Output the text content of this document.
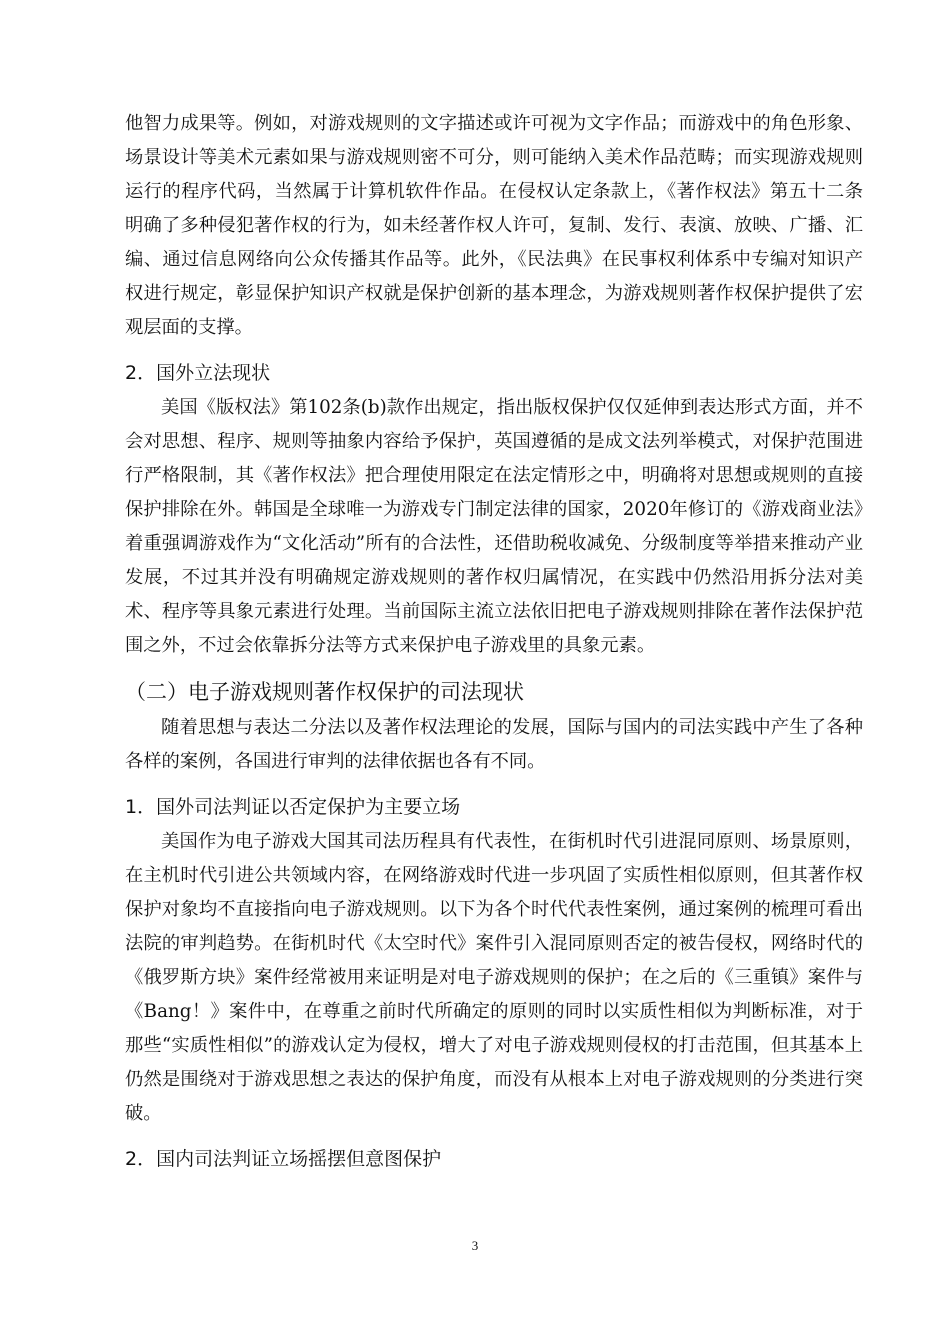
他智力成果等。例如，对游戏规则的文字描述或许可视为文字作品；而游戏中的角色形象、场景设计等美术元素如果与游戏规则密不可分，则可能纳入美术作品范畴；而实现游戏规则运行的程序代码，当然属于计算机软件作品。在侵权认定条款上，《著作权法》第五十二条明确了多种侵犯著作权的行为，如未经著作权人许可，复制、发行、表演、放映、广播、汇编、通过信息网络向公众传播其作品等。此外，《民法典》在民事权利体系中专编对知识产权进行规定，彰显保护知识产权就是保护创新的基本理念，为游戏规则著作权保护提供了宏观层面的支撑。

2．国外立法现状

美国《版权法》第102条(b)款作出规定，指出版权保护仅仅延伸到表达形式方面，并不会对思想、程序、规则等抽象内容给予保护，英国遵循的是成文法列举模式，对保护范围进行严格限制，其《著作权法》把合理使用限定在法定情形之中，明确将对思想或规则的直接保护排除在外。韩国是全球唯一为游戏专门制定法律的国家，2020年修订的《游戏商业法》着重强调游戏作为“文化活动”所有的合法性，还借助税收减免、分级制度等举措来推动产业发展，不过其并没有明确规定游戏规则的著作权归属情况，在实践中仍然沿用拆分法对美术、程序等具象元素进行处理。当前国际主流立法依旧把电子游戏规则排除在著作法保护范围之外，不过会依靠拆分法等方式来保护电子游戏里的具象元素。

（二）电子游戏规则著作权保护的司法现状

随着思想与表达二分法以及著作权法理论的发展，国际与国内的司法实践中产生了各种各样的案例，各国进行审判的法律依据也各有不同。

1．国外司法判证以否定保护为主要立场

美国作为电子游戏大国其司法历程具有代表性，在街机时代引进混同原则、场景原则，在主机时代引进公共领域内容，在网络游戏时代进一步巩固了实质性相似原则，但其著作权保护对象均不直接指向电子游戏规则。以下为各个时代代表性案例，通过案例的梳理可看出法院的审判趋势。在街机时代《太空时代》案件引入混同原则否定的被告侵权，网络时代的《俄罗斯方块》案件经常被用来证明是对电子游戏规则的保护；在之后的《三重镇》案件与《Bang！》案件中，在尊重之前时代所确定的原则的同时以实质性相似为判断标准，对于那些“实质性相似”的游戏认定为侵权，增大了对电子游戏规则侵权的打击范围，但其基本上仍然是围绕对于游戏思想之表达的保护角度，而没有从根本上对电子游戏规则的分类进行突破。

2．国内司法判证立场摇摆但意图保护
3
